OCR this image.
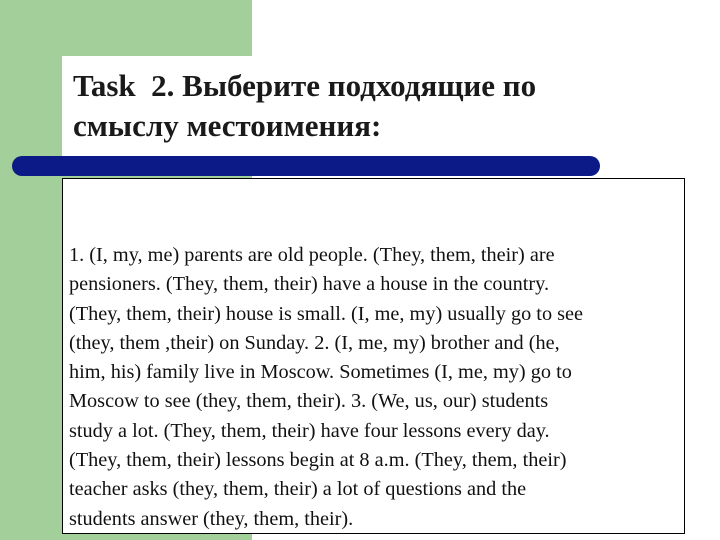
Task  2. Выберите подходящие по
смыслу местоимения:

1. (I, my, me) parents are old people. (They, them, their) are
pensioners. (They, them, their) have a house in the country.
(They, them, their) house is small. (I, me, my) usually go to see
(they, them ,their) on Sunday. 2. (I, me, my) brother and (he,
him, his) family live in Moscow. Sometimes (I, me, my) go to
Moscow to see (they, them, their). 3. (We, us, our) students
study a lot. (They, them, their) have four lessons every day.
(They, them, their) lessons begin at 8 a.m. (They, them, their)
teacher asks (they, them, their) a lot of questions and the
students answer (they, them, their).
